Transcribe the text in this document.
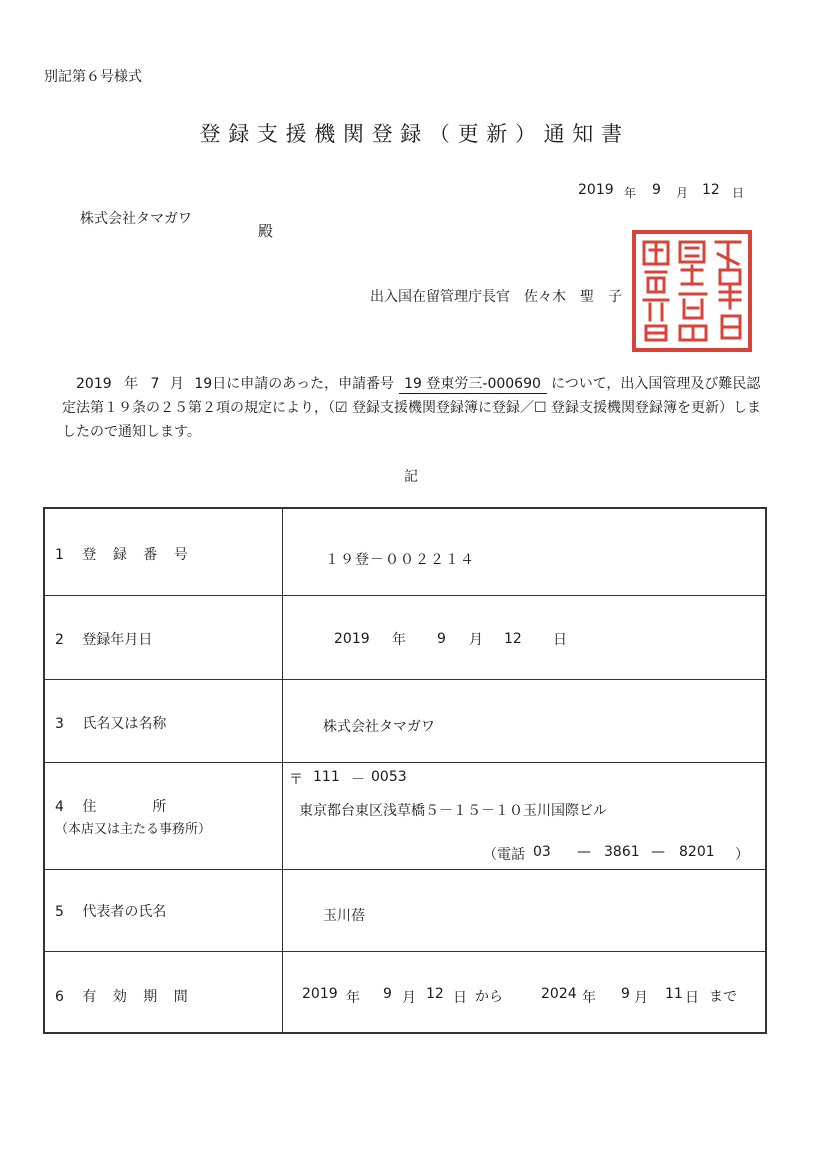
別記第６号様式
登 録 支 援 機 関 登 録 （ 更 新 ） 通 知 書
2019 年 9 月 12 日
株式会社タマガワ
殿
出入国在留管理庁長官　佐々木　聖　子
2019 年 7 月 19日に申請のあった，申請番号 19 登東労三-000690 について，出入国管理及び難民認定法第１９条の２５第２項の規定により，（☑ 登録支援機関登録簿に登録／☐ 登録支援機関登録簿を更新）しましたので通知します。
記
1 登 録 番 号
2 登録年月日
3 氏名又は名称
4 住　　　　所
（本店又は主たる事務所）
5 代表者の氏名
6 有 効 期 間
１９登－００２２１４
2019 年 9 月 12 日
株式会社タマガワ
〒 111 － 0053
東京都台東区浅草橋５－１５－１０玉川国際ビル
（電話 03 — 3861 — 8201 ）
玉川蓓
2019 年 9 月 12 日 から	2024 年 9 月 11 日 まで
